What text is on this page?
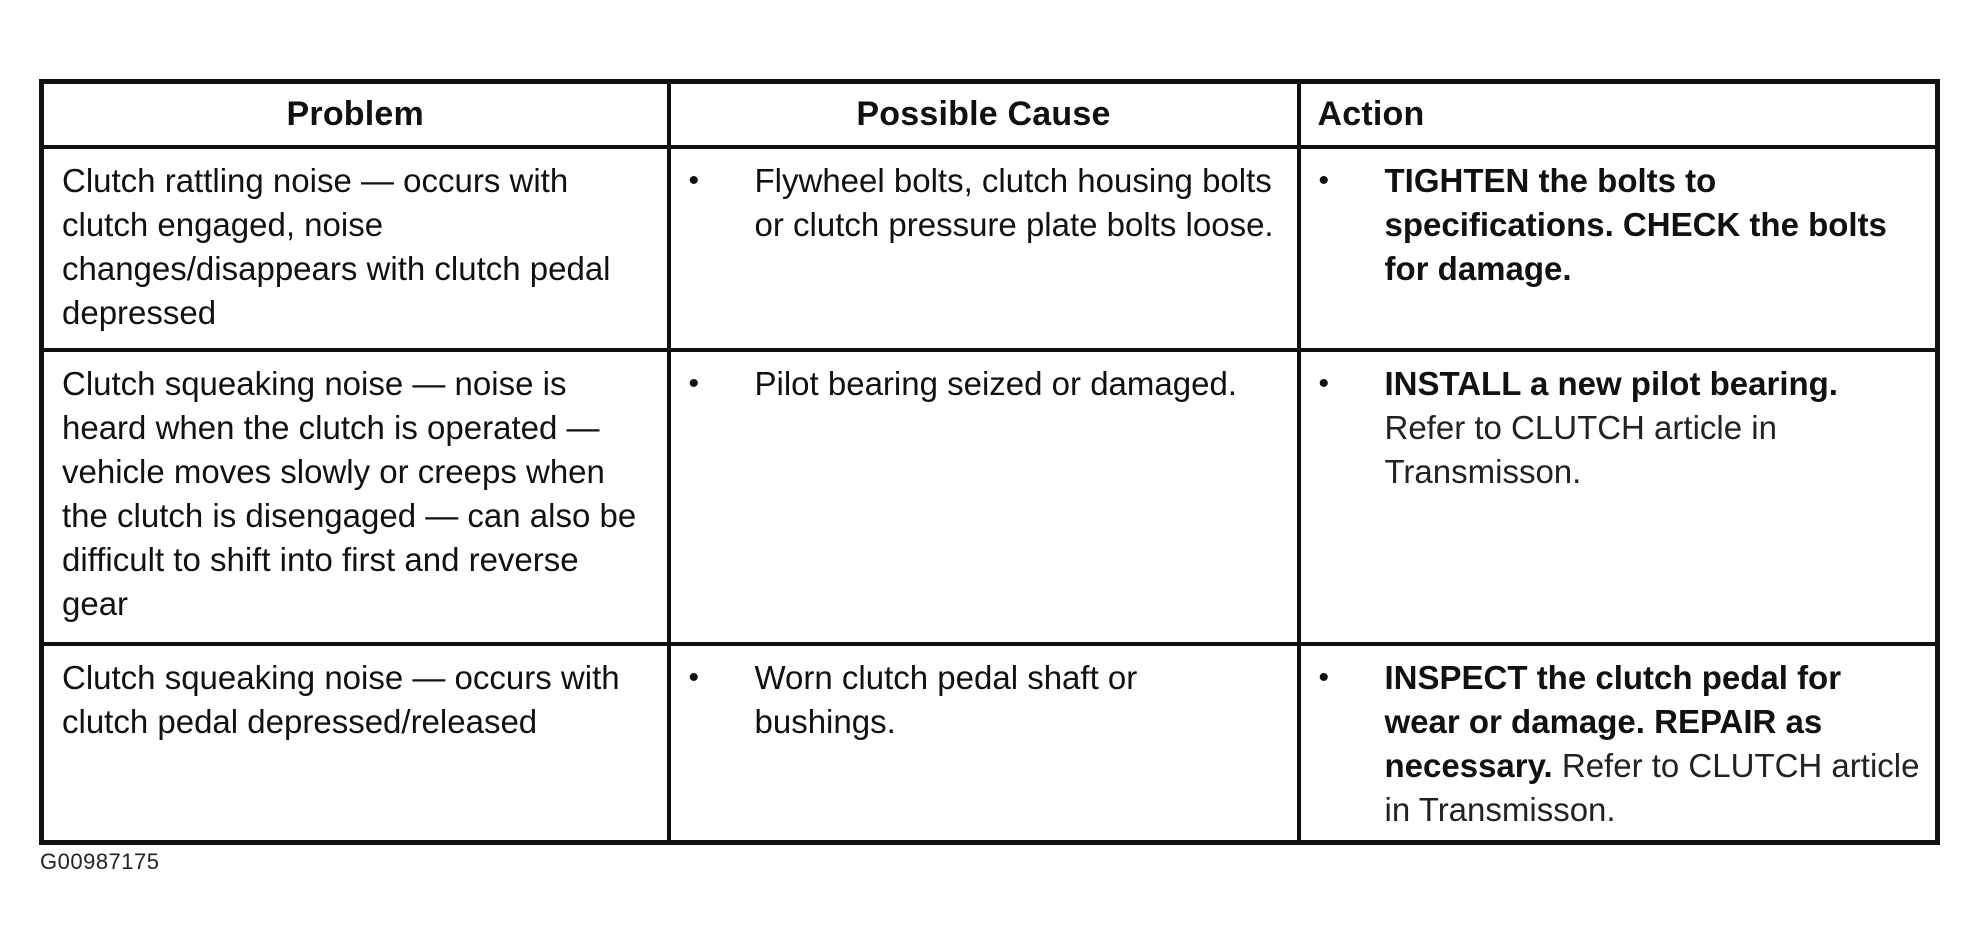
Problem	Possible Cause	Action

Clutch rattling noise — occurs with clutch engaged, noise changes/disappears with clutch pedal depressed	• Flywheel bolts, clutch housing bolts or clutch pressure plate bolts loose.	• TIGHTEN the bolts to specifications. CHECK the bolts for damage.

Clutch squeaking noise — noise is heard when the clutch is operated — vehicle moves slowly or creeps when the clutch is disengaged — can also be difficult to shift into first and reverse gear	• Pilot bearing seized or damaged.	• INSTALL a new pilot bearing.
Refer to CLUTCH article in Transmisson.

Clutch squeaking noise — occurs with clutch pedal depressed/released	• Worn clutch pedal shaft or bushings.	• INSPECT the clutch pedal for wear or damage. REPAIR as necessary. Refer to CLUTCH article in Transmisson.
G00987175
